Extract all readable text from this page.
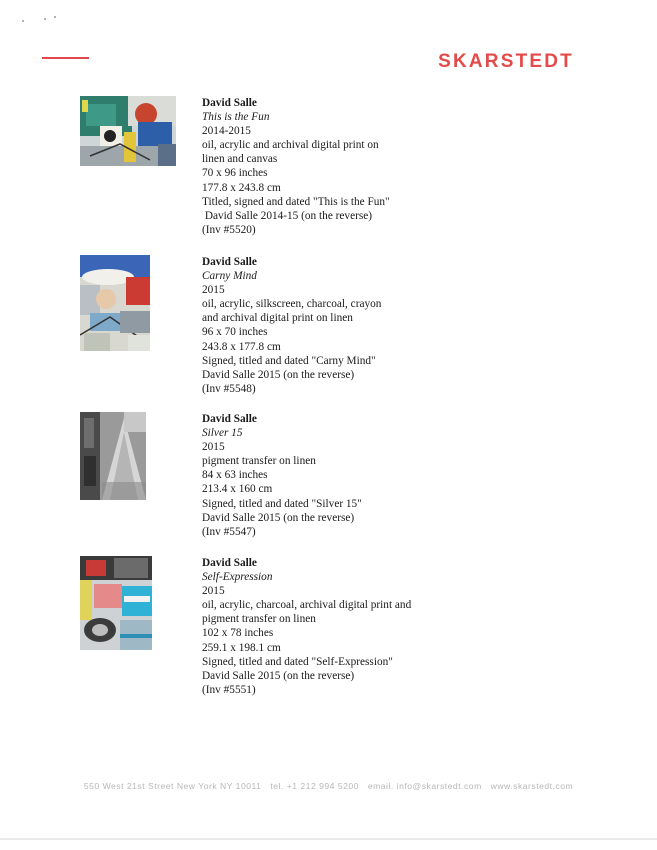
SKARSTEDT
David Salle
This is the Fun
2014-2015
oil, acrylic and archival digital print on
linen and canvas
70 x 96 inches
177.8 x 243.8 cm
Titled, signed and dated "This is the Fun"
David Salle 2014-15 (on the reverse)
(Inv #5520)
David Salle
Carny Mind
2015
oil, acrylic, silkscreen, charcoal, crayon
and archival digital print on linen
96 x 70 inches
243.8 x 177.8 cm
Signed, titled and dated "Carny Mind"
David Salle 2015 (on the reverse)
(Inv #5548)
David Salle
Silver 15
2015
pigment transfer on linen
84 x 63 inches
213.4 x 160 cm
Signed, titled and dated "Silver 15"
David Salle 2015 (on the reverse)
(Inv #5547)
David Salle
Self-Expression
2015
oil, acrylic, charcoal, archival digital print and
pigment transfer on linen
102 x 78 inches
259.1 x 198.1 cm
Signed, titled and dated "Self-Expression"
David Salle 2015 (on the reverse)
(Inv #5551)
550 West 21st Street New York NY 10011 tel. +1 212 994 5200 email. info@skarstedt.com www.skarstedt.com
